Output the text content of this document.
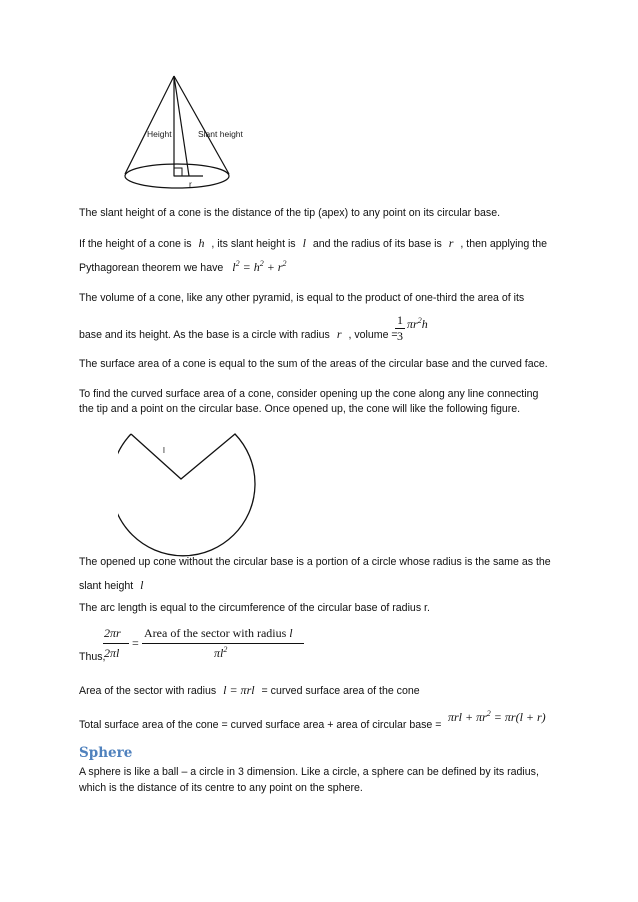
Height	Slant height
r
The slant height of a cone is the distance of the tip (apex) to any point on its circular base.
If the height of a cone is h , its slant height is l and the radius of its base is r , then applying the
Pythagorean theorem we have $l^2 = h^2 + r^2$
The volume of a cone, like any other pyramid, is equal to the product of one-third the area of its
base and its height. As the base is a circle with radius r , volume =
1
3
$\pi r^2h$
The surface area of a cone is equal to the sum of the areas of the circular base and the curved face.
To find the curved surface area of a cone, consider opening up the cone along any line connecting
the tip and a point on the circular base. Once opened up, the cone will like the following figure.
l
The opened up cone without the circular base is a portion of a circle whose radius is the same as the
slant height l
The arc length is equal to the circumference of the circular base of radius r.
Thus,
2πr
2πl
=
Area of the sector with radius l
$\pi l^2$
Area of the sector with radius l = πrl = curved surface area of the cone
Total surface area of the cone = curved surface area + area of circular base =
$\pi rl + \pi r^2 = \pi r(l + r)$
Sphere
A sphere is like a ball – a circle in 3 dimension. Like a circle, a sphere can be defined by its radius,
which is the distance of its centre to any point on the sphere.
